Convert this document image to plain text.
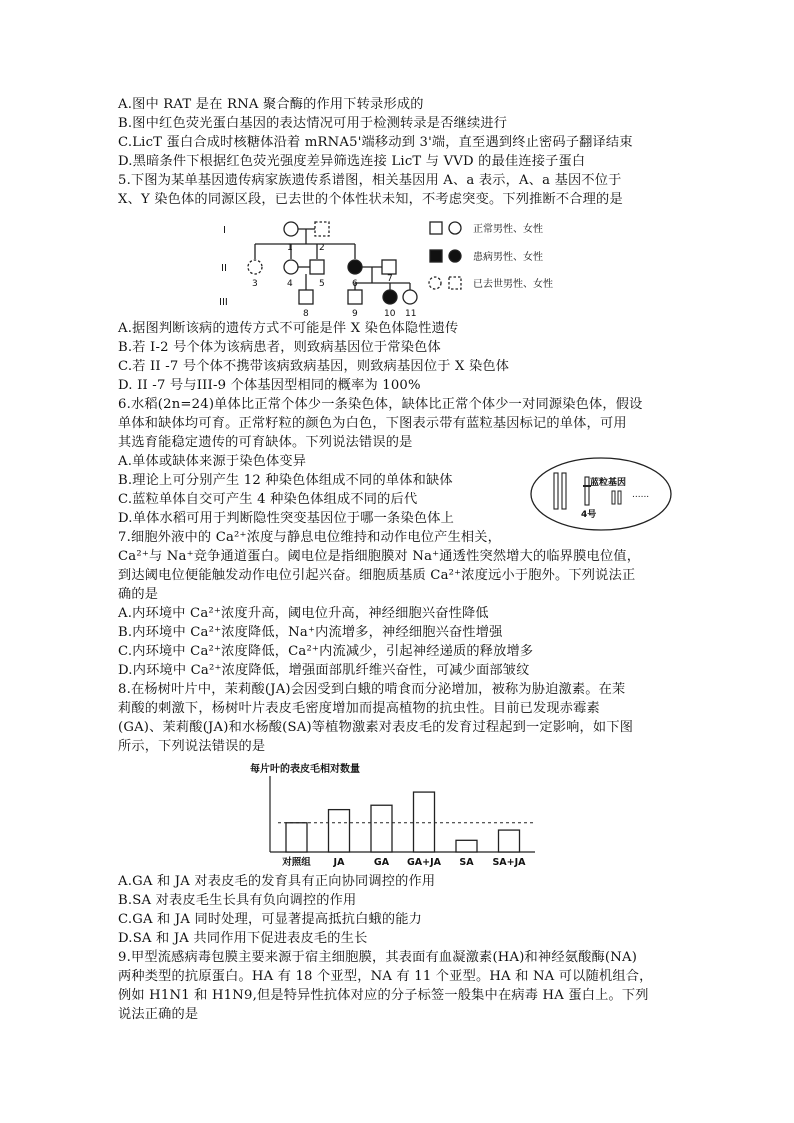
A.图中 RAT 是在 RNA 聚合酶的作用下转录形成的
B.图中红色荧光蛋白基因的表达情况可用于检测转录是否继续进行
C.LicT 蛋白合成时核糖体沿着 mRNA5'端移动到 3'端，直至遇到终止密码子翻译结束
D.黑暗条件下根据红色荧光强度差异筛选连接 LicT 与 VVD 的最佳连接子蛋白
5.下图为某单基因遗传病家族遗传系谱图，相关基因用 A、a 表示，A、a 基因不位于
X、Y 染色体的同源区段，已去世的个体性状未知，不考虑突变。下列推断不合理的是
I
II
III
1	2
3	4	5	6	7
8	9	10 11
正常男性、女性
患病男性、女性
已去世男性、女性
A.据图判断该病的遗传方式不可能是伴 X 染色体隐性遗传
B.若 I-2 号个体为该病患者，则致病基因位于常染色体
C.若 II -7 号个体不携带该病致病基因，则致病基因位于 X 染色体
D. II -7 号与III-9 个体基因型相同的概率为 100%
6.水稻(2n=24)单体比正常个体少一条染色体，缺体比正常个体少一对同源染色体，假设
单体和缺体均可育。正常籽粒的颜色为白色，下图表示带有蓝粒基因标记的单体，可用
其选育能稳定遗传的可育缺体。下列说法错误的是
A.单体或缺体来源于染色体变异
B.理论上可分别产生 12 种染色体组成不同的单体和缺体
C.蓝粒单体自交可产生 4 种染色体组成不同的后代
D.单体水稻可用于判断隐性突变基因位于哪一条染色体上
蓝粒基因
4号
......
7.细胞外液中的 Ca²⁺浓度与静息电位维持和动作电位产生相关，
Ca²⁺与 Na⁺竞争通道蛋白。阈电位是指细胞膜对 Na⁺通透性突然增大的临界膜电位值，
到达阈电位便能触发动作电位引起兴奋。细胞质基质 Ca²⁺浓度远小于胞外。下列说法正
确的是
A.内环境中 Ca²⁺浓度升高，阈电位升高，神经细胞兴奋性降低
B.内环境中 Ca²⁺浓度降低，Na⁺内流增多，神经细胞兴奋性增强
C.内环境中 Ca²⁺浓度降低，Ca²⁺内流减少，引起神经递质的释放增多
D.内环境中 Ca²⁺浓度降低，增强面部肌纤维兴奋性，可减少面部皱纹
8.在杨树叶片中，茉莉酸(JA)会因受到白蛾的啃食而分泌增加，被称为胁迫激素。在茉
莉酸的刺激下，杨树叶片表皮毛密度增加而提高植物的抗虫性。目前已发现赤霉素
(GA)、茉莉酸(JA)和水杨酸(SA)等植物激素对表皮毛的发育过程起到一定影响，如下图
所示，下列说法错误的是
每片叶的表皮毛相对数量
对照组 JA	GA GA+JA SA SA+JA
A.GA 和 JA 对表皮毛的发育具有正向协同调控的作用
B.SA 对表皮毛生长具有负向调控的作用
C.GA 和 JA 同时处理，可显著提高抵抗白蛾的能力
D.SA 和 JA 共同作用下促进表皮毛的生长
9.甲型流感病毒包膜主要来源于宿主细胞膜，其表面有血凝激素(HA)和神经氨酸酶(NA)
两种类型的抗原蛋白。HA 有 18 个亚型，NA 有 11 个亚型。HA 和 NA 可以随机组合，
例如 H1N1 和 H1N9,但是特异性抗体对应的分子标签一般集中在病毒 HA 蛋白上。下列
说法正确的是
